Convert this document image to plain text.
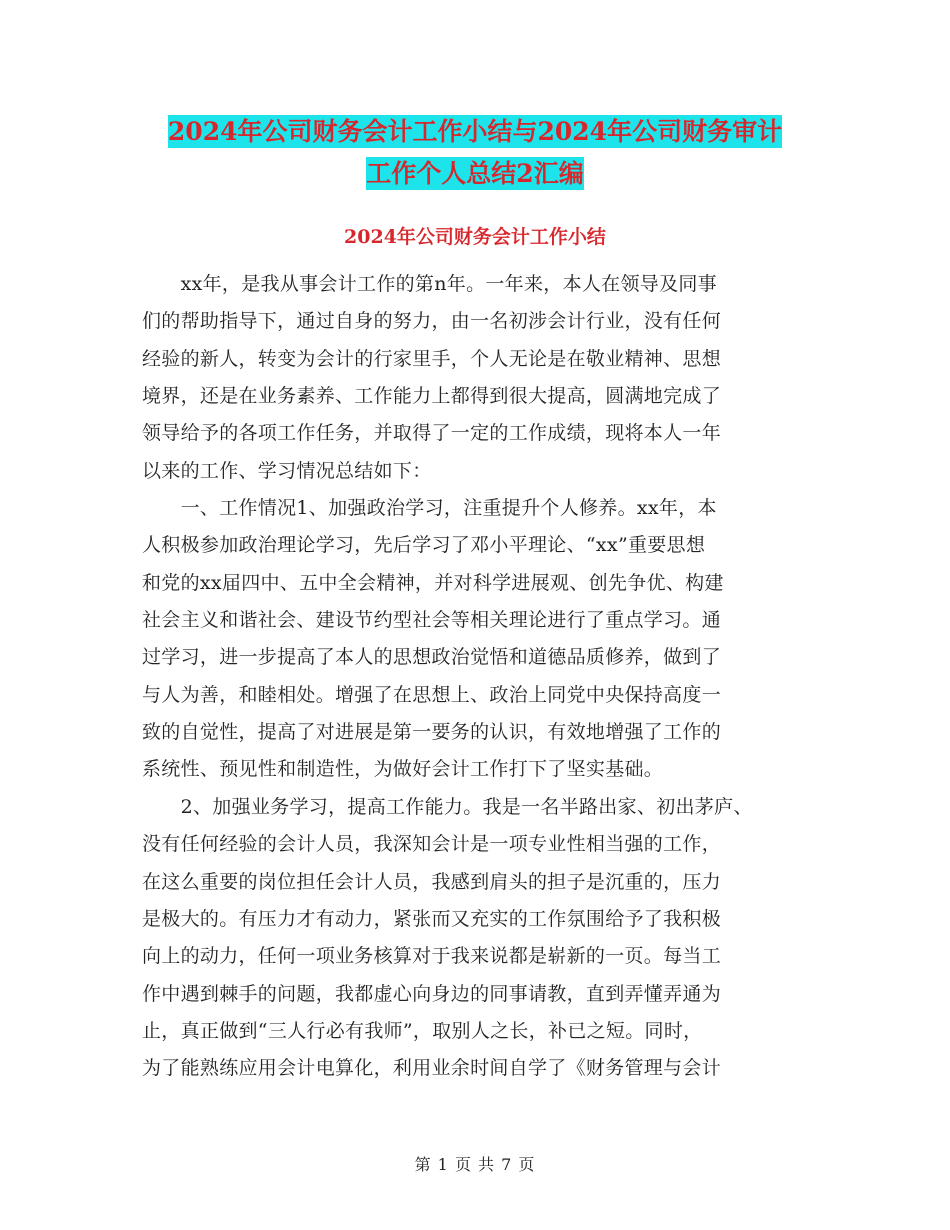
2024年公司财务会计工作小结与2024年公司财务审计
工作个人总结2汇编
2024年公司财务会计工作小结
　　xx年，是我从事会计工作的第n年。一年来，本人在领导及同事
们的帮助指导下，通过自身的努力，由一名初涉会计行业，没有任何
经验的新人，转变为会计的行家里手，个人无论是在敬业精神、思想
境界，还是在业务素养、工作能力上都得到很大提高，圆满地完成了
领导给予的各项工作任务，并取得了一定的工作成绩，现将本人一年
以来的工作、学习情况总结如下：
　　一、工作情况1、加强政治学习，注重提升个人修养。xx年，本
人积极参加政治理论学习，先后学习了邓小平理论、“xx”重要思想
和党的xx届四中、五中全会精神，并对科学进展观、创先争优、构建
社会主义和谐社会、建设节约型社会等相关理论进行了重点学习。通
过学习，进一步提高了本人的思想政治觉悟和道德品质修养，做到了
与人为善，和睦相处。增强了在思想上、政治上同党中央保持高度一
致的自觉性，提高了对进展是第一要务的认识，有效地增强了工作的
系统性、预见性和制造性，为做好会计工作打下了坚实基础。
　　2、加强业务学习，提高工作能力。我是一名半路出家、初出茅庐、
没有任何经验的会计人员，我深知会计是一项专业性相当强的工作，
在这么重要的岗位担任会计人员，我感到肩头的担子是沉重的，压力
是极大的。有压力才有动力，紧张而又充实的工作氛围给予了我积极
向上的动力，任何一项业务核算对于我来说都是崭新的一页。每当工
作中遇到棘手的问题，我都虚心向身边的同事请教，直到弄懂弄通为
止，真正做到“三人行必有我师”，取别人之长，补已之短。同时，
为了能熟练应用会计电算化，利用业余时间自学了《财务管理与会计
第 1 页 共 7 页
